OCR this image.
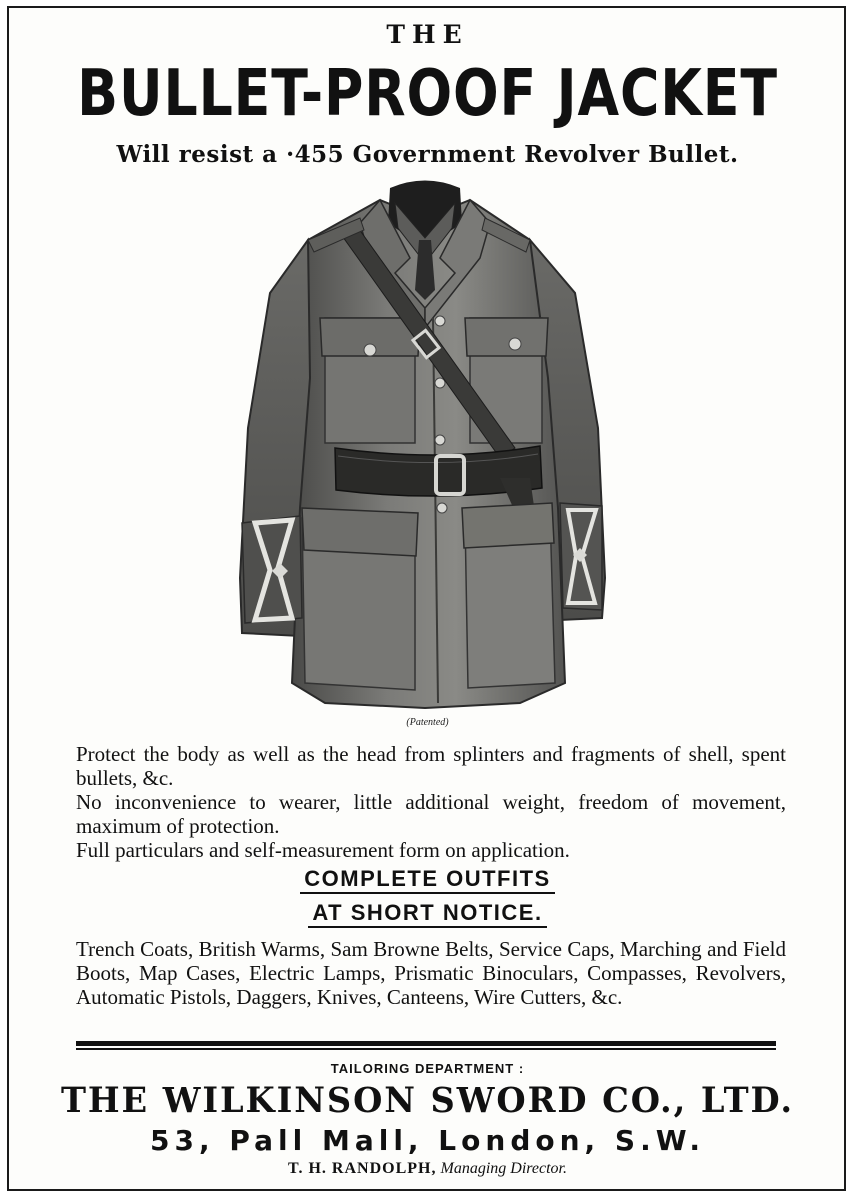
THE
BULLET-PROOF JACKET
Will resist a ·455 Government Revolver Bullet.
(Patented)

Protect the body as well as the head from splinters and fragments of shell, spent bullets, &c.

No inconvenience to wearer, little additional weight, freedom of movement, maximum of protection.

Full particulars and self-measurement form on application.

COMPLETE OUTFITS
AT SHORT NOTICE.

Trench Coats, British Warms, Sam Browne Belts, Service Caps, Marching and Field Boots, Map Cases, Electric Lamps, Prismatic Binoculars, Compasses, Revolvers, Automatic Pistols, Daggers, Knives, Canteens, Wire Cutters, &c.

TAILORING DEPARTMENT :
THE WILKINSON SWORD CO., LTD.
53, Pall Mall, London, S.W.
T. H. RANDOLPH, Managing Director.
